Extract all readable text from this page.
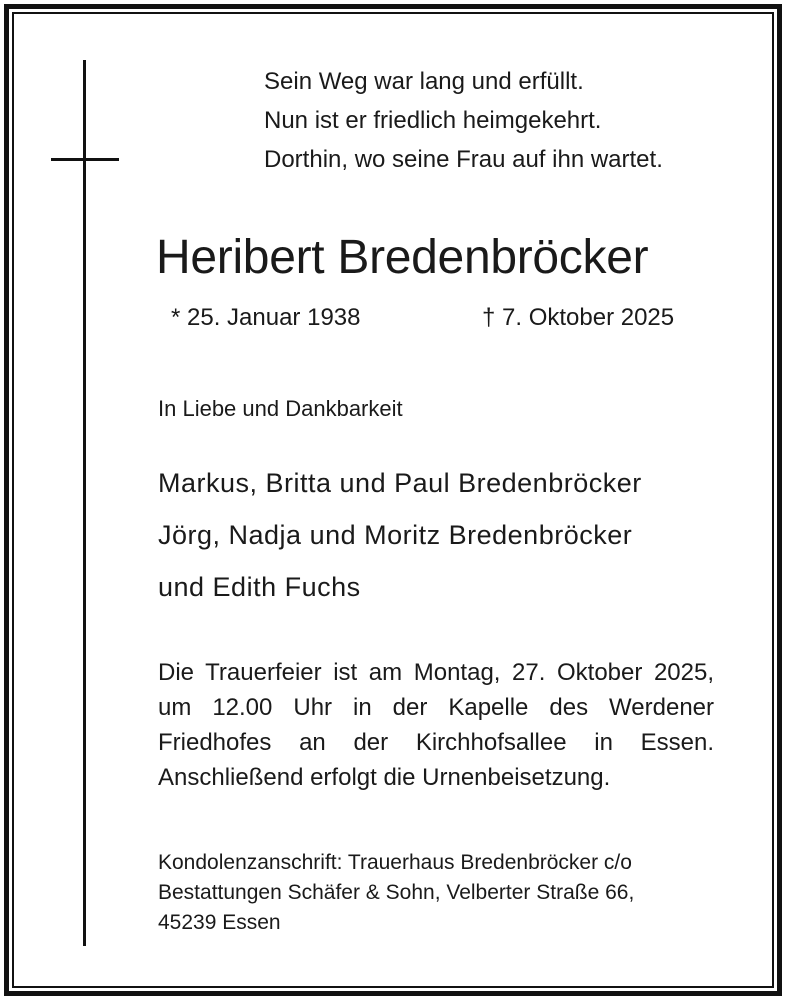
Sein Weg war lang und erfüllt.
Nun ist er friedlich heimgekehrt.
Dorthin, wo seine Frau auf ihn wartet.
Heribert Bredenbröcker
* 25. Januar 1938	† 7. Oktober 2025
In Liebe und Dankbarkeit
Markus, Britta und Paul Bredenbröcker
Jörg, Nadja und Moritz Bredenbröcker
und Edith Fuchs
Die Trauerfeier ist am Montag, 27. Oktober 2025,
um 12.00 Uhr in der Kapelle des Werdener
Friedhofes an der Kirchhofsallee in Essen.
Anschließend erfolgt die Urnenbeisetzung.
Kondolenzanschrift: Trauerhaus Bredenbröcker c/o
Bestattungen Schäfer & Sohn, Velberter Straße 66,
45239 Essen
